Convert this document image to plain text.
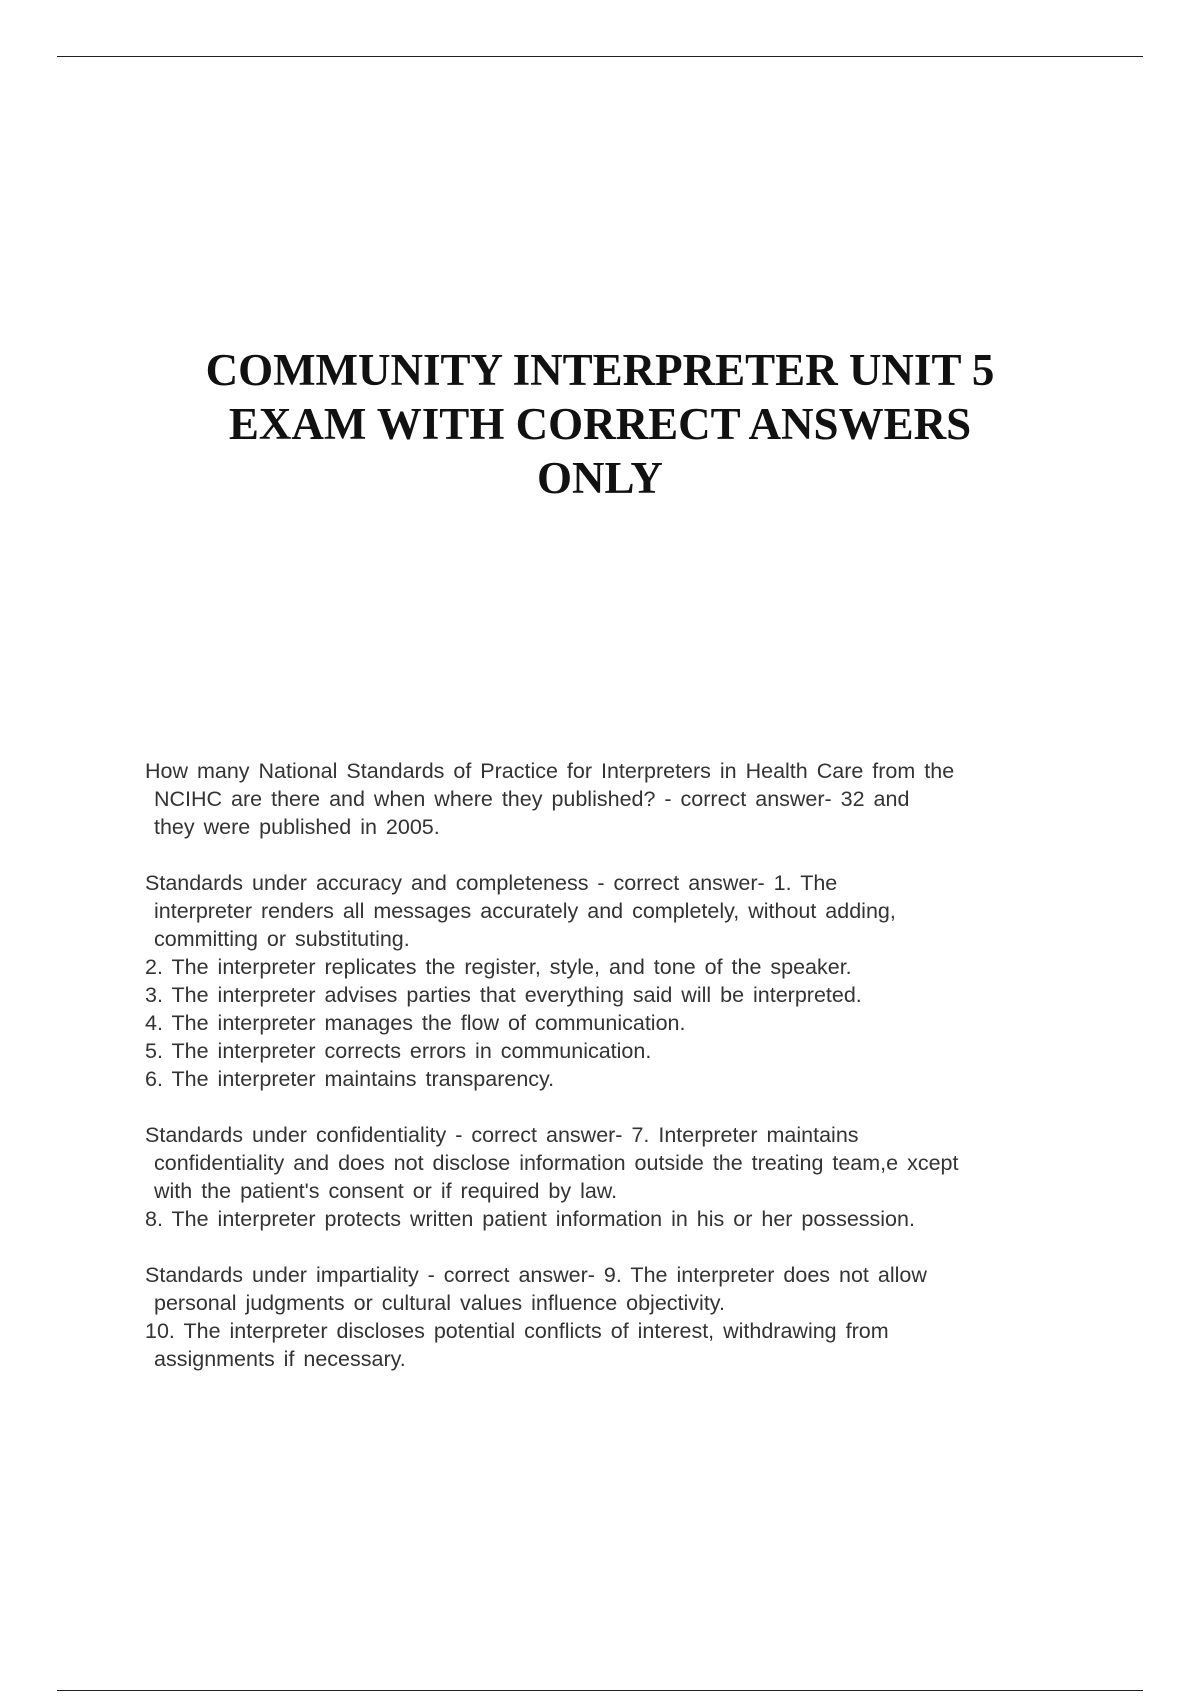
COMMUNITY INTERPRETER UNIT 5
EXAM WITH CORRECT ANSWERS
ONLY
How many National Standards of Practice for Interpreters in Health Care from the
NCIHC are there and when where they published? - correct answer- 32 and
they were published in 2005.
Standards under accuracy and completeness - correct answer- 1. The
interpreter renders all messages accurately and completely, without adding,
committing or substituting.
2. The interpreter replicates the register, style, and tone of the speaker.
3. The interpreter advises parties that everything said will be interpreted.
4. The interpreter manages the flow of communication.
5. The interpreter corrects errors in communication.
6. The interpreter maintains transparency.
Standards under confidentiality - correct answer- 7. Interpreter maintains
confidentiality and does not disclose information outside the treating team,e xcept
with the patient's consent or if required by law.
8. The interpreter protects written patient information in his or her possession.
Standards under impartiality - correct answer- 9. The interpreter does not allow
personal judgments or cultural values influence objectivity.
10. The interpreter discloses potential conflicts of interest, withdrawing from
assignments if necessary.
